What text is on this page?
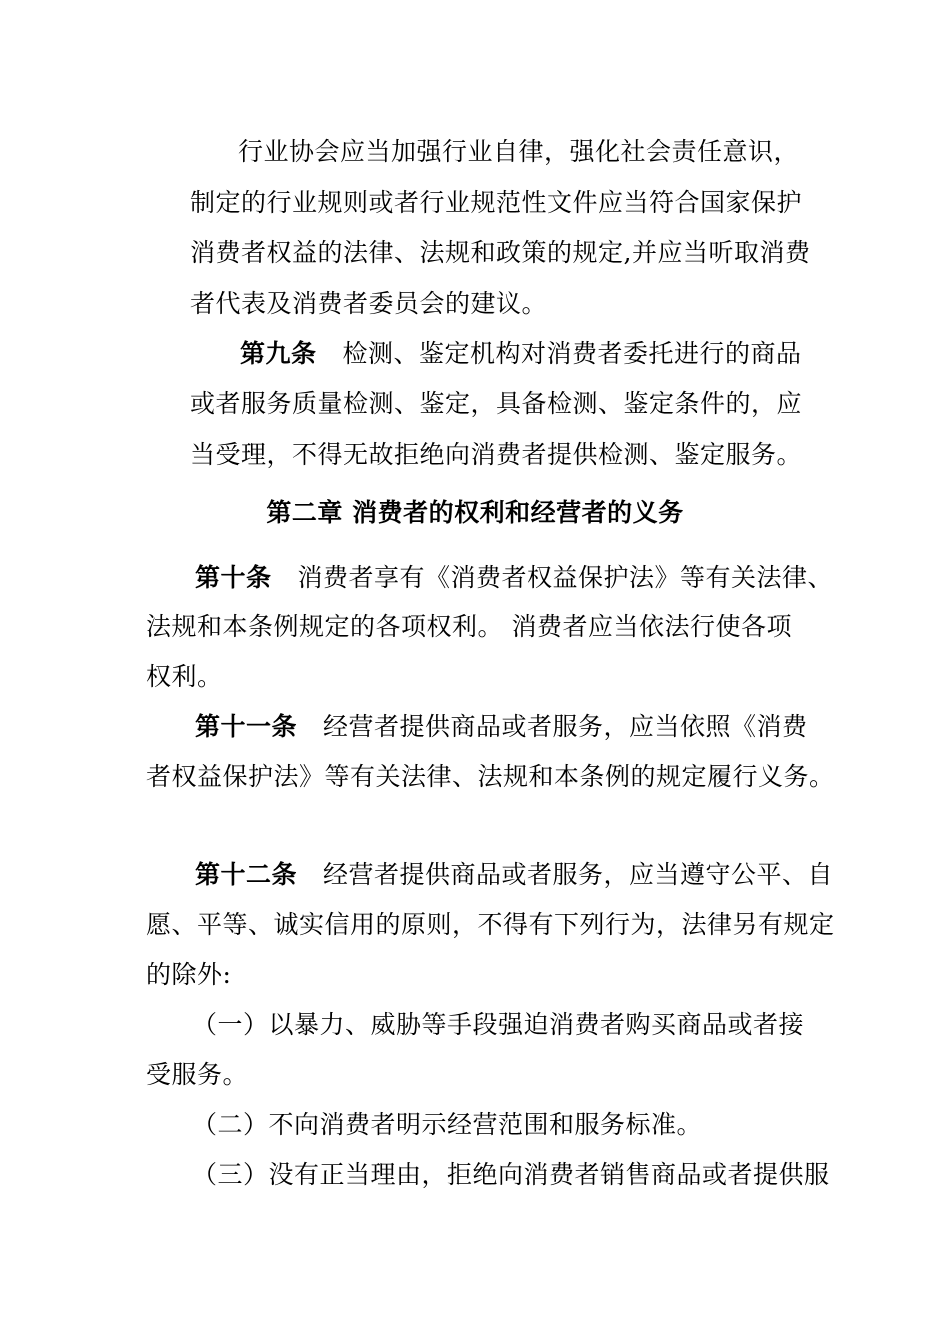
行业协会应当加强行业自律，强化社会责任意识，
制定的行业规则或者行业规范性文件应当符合国家保护
消费者权益的法律、法规和政策的规定,并应当听取消费
者代表及消费者委员会的建议。
第九条 检测、鉴定机构对消费者委托进行的商品
或者服务质量检测、鉴定，具备检测、鉴定条件的，应
当受理，不得无故拒绝向消费者提供检测、鉴定服务。
第二章 消费者的权利和经营者的义务
第十条 消费者享有《消费者权益保护法》等有关法律、
法规和本条例规定的各项权利。 消费者应当依法行使各项
权利。
第十一条 经营者提供商品或者服务，应当依照《消费
者权益保护法》等有关法律、法规和本条例的规定履行义务。
第十二条 经营者提供商品或者服务，应当遵守公平、自
愿、平等、诚实信用的原则，不得有下列行为，法律另有规定
的除外:
（一）以暴力、威胁等手段强迫消费者购买商品或者接
受服务。
（二）不向消费者明示经营范围和服务标准。
（三）没有正当理由，拒绝向消费者销售商品或者提供服
